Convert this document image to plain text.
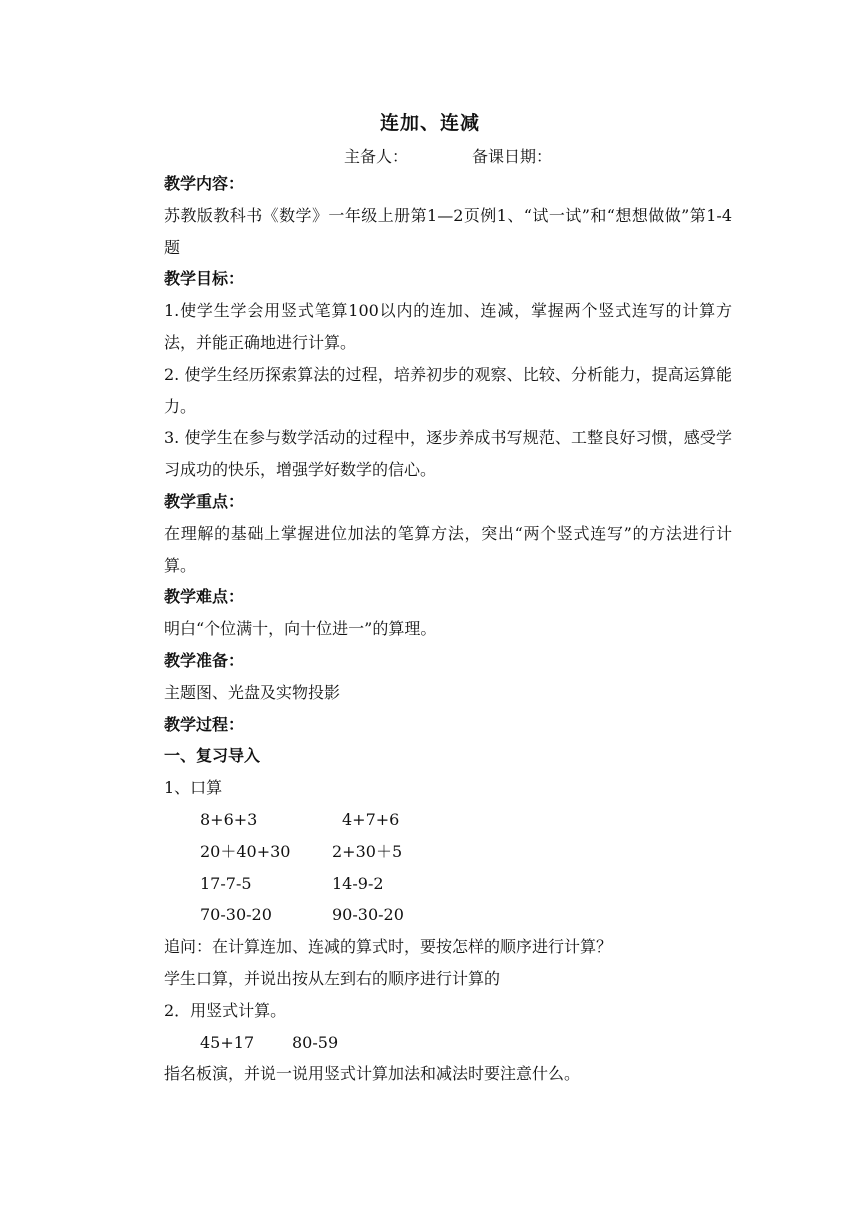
连加、连减
主备人：	备课日期：

教学内容：

苏教版教科书《数学》一年级上册第1—2页例1、“试一试”和“想想做做”第1-4题

教学目标：

1.使学生学会用竖式笔算100以内的连加、连减，掌握两个竖式连写的计算方法，并能正确地进行计算。

2. 使学生经历探索算法的过程，培养初步的观察、比较、分析能力，提高运算能力。

3. 使学生在参与数学活动的过程中，逐步养成书写规范、工整良好习惯，感受学习成功的快乐，增强学好数学的信心。

教学重点：

在理解的基础上掌握进位加法的笔算方法，突出“两个竖式连写”的方法进行计算。

教学难点：

明白“个位满十，向十位进一”的算理。

教学准备：

主题图、光盘及实物投影

教学过程：

一、复习导入

1、口算

8+6+3	4+7+6

20＋40+30	2+30＋5

17-7-5	14-9-2

70-30-20	90-30-20

追问：在计算连加、连减的算式时，要按怎样的顺序进行计算？

学生口算，并说出按从左到右的顺序进行计算的

2．用竖式计算。

45+17 80-59

指名板演，并说一说用竖式计算加法和减法时要注意什么。
